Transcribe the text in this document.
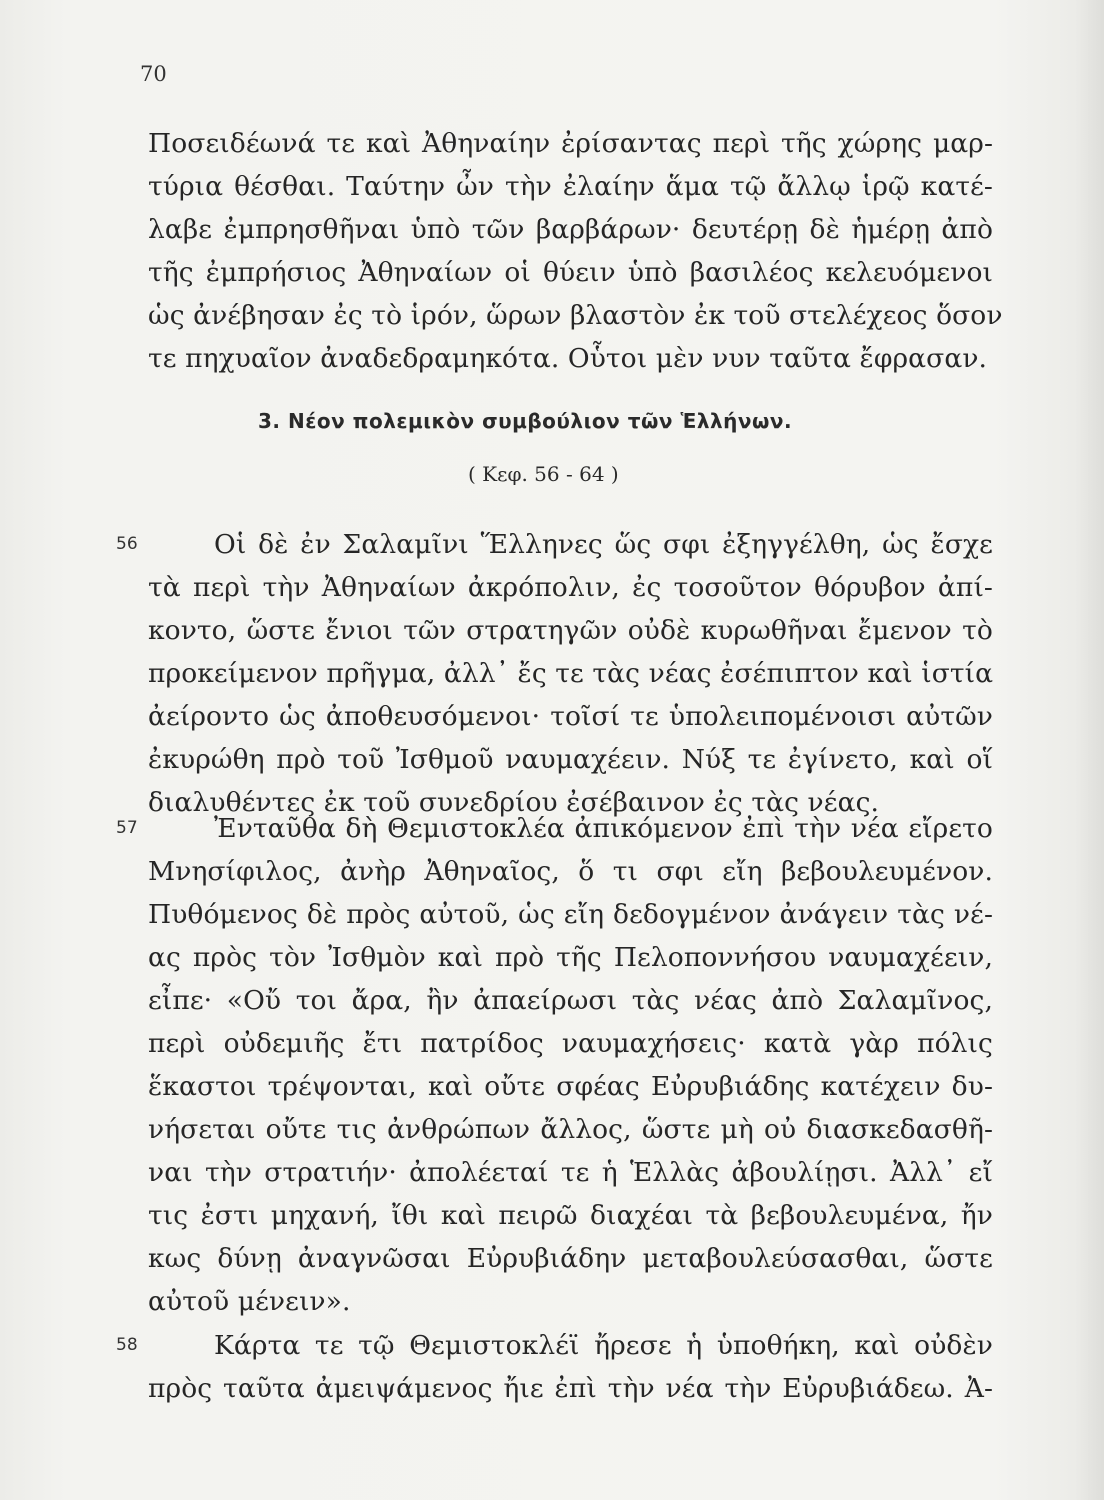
70
Ποσειδέωνά τε καὶ Ἀθηναίην ἐρίσαντας περὶ τῆς χώρης μαρ-
τύρια θέσθαι. Ταύτην ὦν τὴν ἐλαίην ἅμα τῷ ἄλλῳ ἱρῷ κατέ-
λαβε ἐμπρησθῆναι ὑπὸ τῶν βαρβάρων· δευτέρῃ δὲ ἡμέρῃ ἀπὸ
τῆς ἐμπρήσιος Ἀθηναίων οἱ θύειν ὑπὸ βασιλέος κελευόμενοι
ὡς ἀνέβησαν ἐς τὸ ἱρόν, ὥρων βλαστὸν ἐκ τοῦ στελέχεος ὅσον
τε πηχυαῖον ἀναδεδραμηκότα. Οὗτοι μὲν νυν ταῦτα ἔφρασαν.
3. Νέον πολεμικὸν συμβούλιον τῶν Ἑλλήνων.
( Κεφ. 56 - 64 )
56	Οἱ δὲ ἐν Σαλαμῖνι Ἕλληνες ὥς σφι ἐξηγγέλθη, ὡς ἔσχε
τὰ περὶ τὴν Ἀθηναίων ἀκρόπολιν, ἐς τοσοῦτον θόρυβον ἀπί-
κοντο, ὥστε ἔνιοι τῶν στρατηγῶν οὐδὲ κυρωθῆναι ἔμενον τὸ
προκείμενον πρῆγμα, ἀλλ᾽ ἔς τε τὰς νέας ἐσέπιπτον καὶ ἱστία
ἀείροντο ὡς ἀποθευσόμενοι· τοῖσί τε ὑπολειπομένοισι αὐτῶν
ἐκυρώθη πρὸ τοῦ Ἰσθμοῦ ναυμαχέειν. Νύξ τε ἐγίνετο, καὶ οἵ
διαλυθέντες ἐκ τοῦ συνεδρίου ἐσέβαινον ἐς τὰς νέας.
57	Ἐνταῦθα δὴ Θεμιστοκλέα ἀπικόμενον ἐπὶ τὴν νέα εἴρετο
Μνησίφιλος, ἀνὴρ Ἀθηναῖος, ὅ τι σφι εἴη βεβουλευμένον.
Πυθόμενος δὲ πρὸς αὐτοῦ, ὡς εἴη δεδογμένον ἀνάγειν τὰς νέ-
ας πρὸς τὸν Ἰσθμὸν καὶ πρὸ τῆς Πελοποννήσου ναυμαχέειν,
εἶπε· «Οὔ τοι ἄρα, ἢν ἀπαείρωσι τὰς νέας ἀπὸ Σαλαμῖνος,
περὶ οὐδεμιῆς ἔτι πατρίδος ναυμαχήσεις· κατὰ γὰρ πόλις
ἕκαστοι τρέψονται, καὶ οὔτε σφέας Εὐρυβιάδης κατέχειν δυ-
νήσεται οὔτε τις ἀνθρώπων ἄλλος, ὥστε μὴ οὐ διασκεδασθῆ-
ναι τὴν στρατιήν· ἀπολέεταί τε ἡ Ἑλλὰς ἀβουλίῃσι. Ἀλλ᾽ εἴ
τις ἐστι μηχανή, ἴθι καὶ πειρῶ διαχέαι τὰ βεβουλευμένα, ἤν
κως δύνῃ ἀναγνῶσαι Εὐρυβιάδην μεταβουλεύσασθαι, ὥστε
αὐτοῦ μένειν».
58	Κάρτα τε τῷ Θεμιστοκλέϊ ἤρεσε ἡ ὑποθήκη, καὶ οὐδὲν
πρὸς ταῦτα ἀμειψάμενος ἤιε ἐπὶ τὴν νέα τὴν Εὐρυβιάδεω. Ἀ-
